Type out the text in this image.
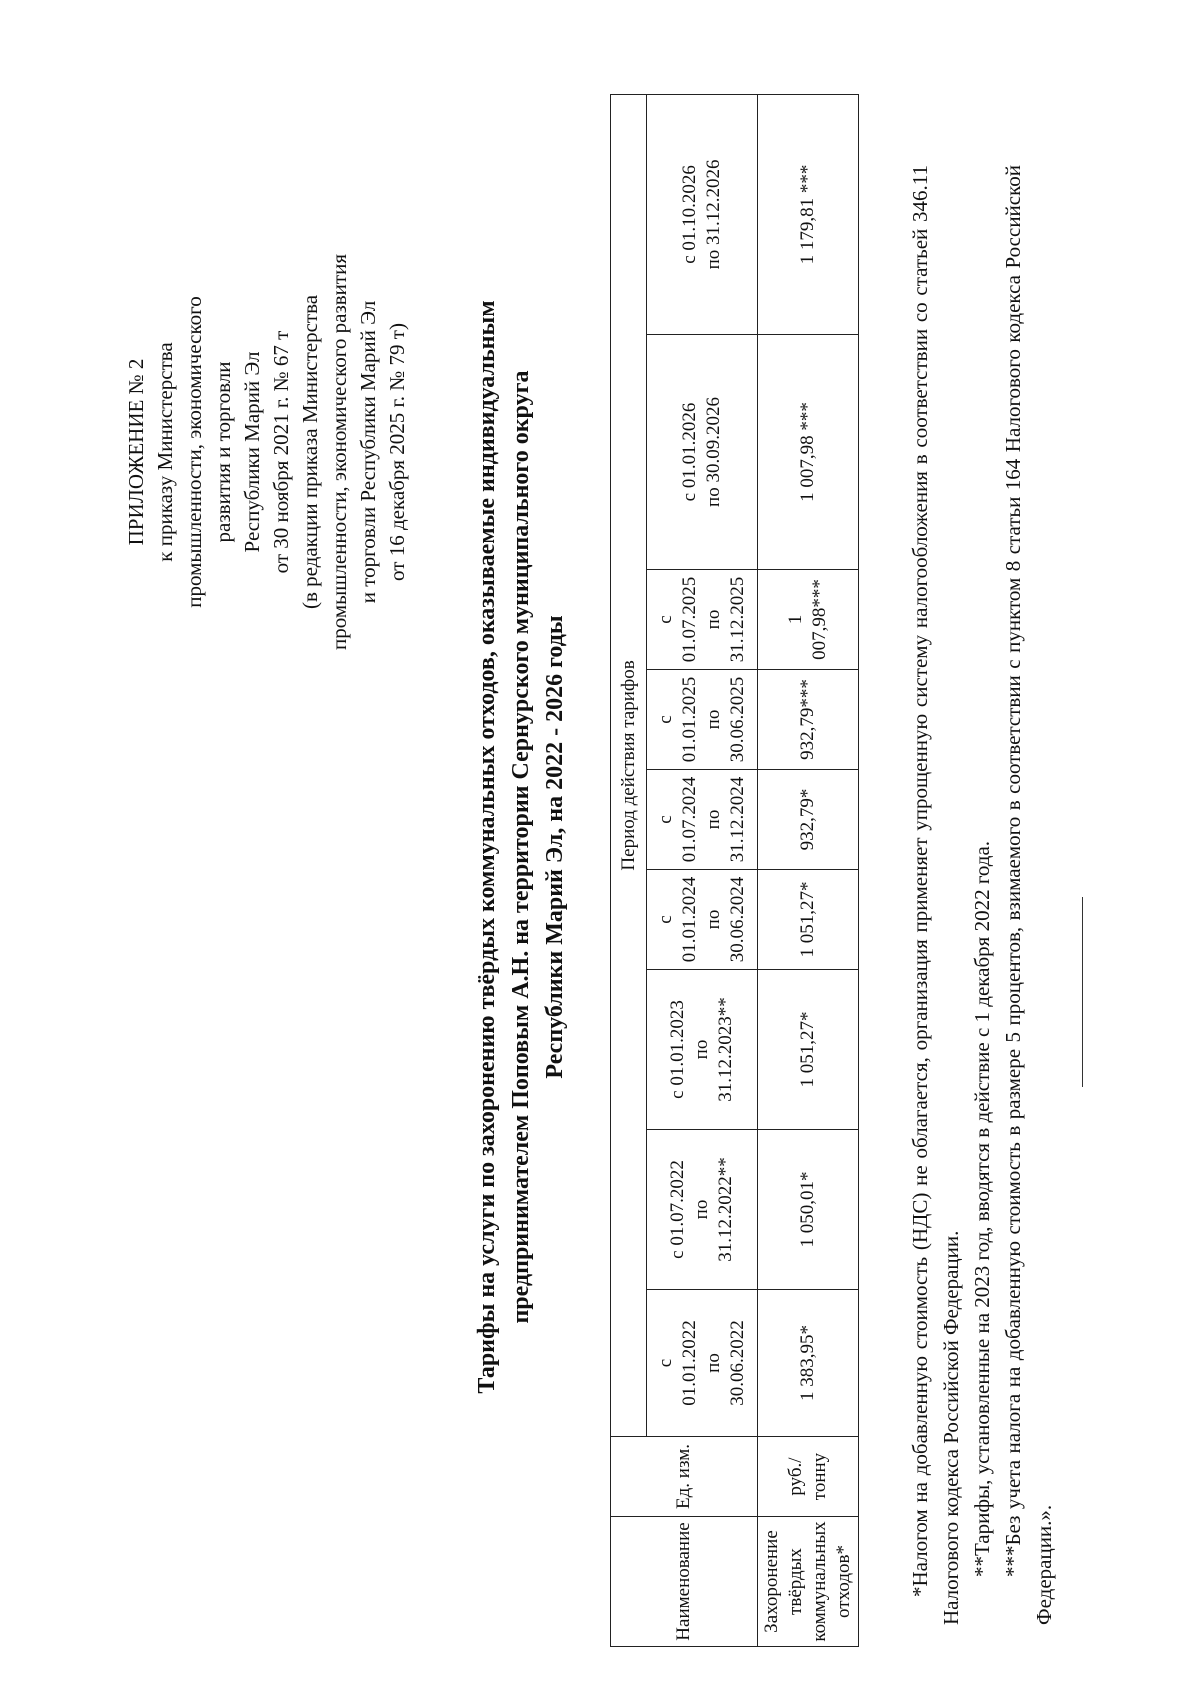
ПРИЛОЖЕНИЕ № 2 к приказу Министерства промышленности, экономического развития и торговли Республики Марий Эл от 30 ноября 2021 г. № 67 т (в редакции приказа Министерства промышленности, экономического развития и торговли Республики Марий Эл от 16 декабря 2025 г. № 79 т)	Тарифы на услуги по захоронению твёрдых коммунальных отходов, оказываемые индивидуальным предпринимателем Поповым А.Н. на территории Сернурского муниципального округа Республики Марий Эл, на 2022 - 2026 годы
Наименование	Ед. изм.	Период действия тарифов								
		с
01.01.2022
по
30.06.2022	с 01.07.2022
по
31.12.2022**	с 01.01.2023
по
31.12.2023**	с
01.01.2024
по
30.06.2024	с
01.07.2024
по
31.12.2024	с
01.01.2025
по
30.06.2025	с
01.07.2025
по
31.12.2025	с 01.01.2026
по 30.09.2026	с 01.10.2026
по 31.12.2026
Захоронение твёрдых коммунальных отходов*	руб./ тонну	1 383,95*	1 050,01*	1 051,27*	1 051,27*	932,79*	932,79***	1 007,98***	1 007,98 ***	1 179,81 ***	*Налогом на добавленную стоимость (НДС) не облагается, организация применяет упрощенную систему налогообложения в соответствии со статьей 346.11 Налогового кодекса Российской Федерации. **Тарифы, установленные на 2023 год, вводятся в действие с 1 декабря 2022 года. ***Без учета налога на добавленную стоимость в размере 5 процентов, взимаемого в соответствии с пунктом 8 статьи 164 Налогового кодекса Российской Федерации.».
